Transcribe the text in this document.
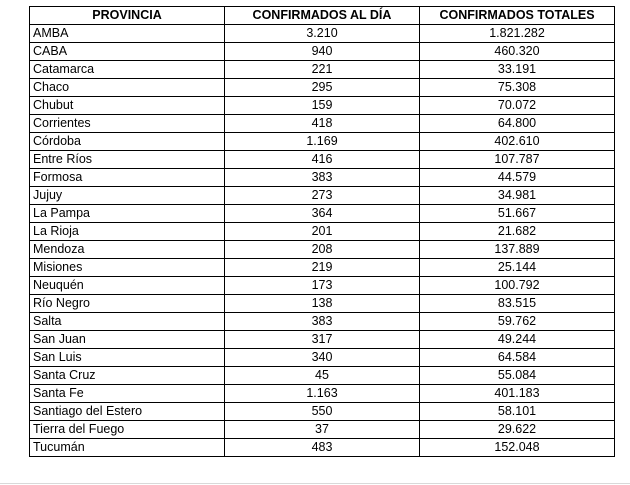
PROVINCIA	CONFIRMADOS AL DÍA	CONFIRMADOS TOTALES
AMBA	3.210	1.821.282
CABA	940	460.320
Catamarca	221	33.191
Chaco	295	75.308
Chubut	159	70.072
Corrientes	418	64.800
Córdoba	1.169	402.610
Entre Ríos	416	107.787
Formosa	383	44.579
Jujuy	273	34.981
La Pampa	364	51.667
La Rioja	201	21.682
Mendoza	208	137.889
Misiones	219	25.144
Neuquén	173	100.792
Río Negro	138	83.515
Salta	383	59.762
San Juan	317	49.244
San Luis	340	64.584
Santa Cruz	45	55.084
Santa Fe	1.163	401.183
Santiago del Estero	550	58.101
Tierra del Fuego	37	29.622
Tucumán	483	152.048
